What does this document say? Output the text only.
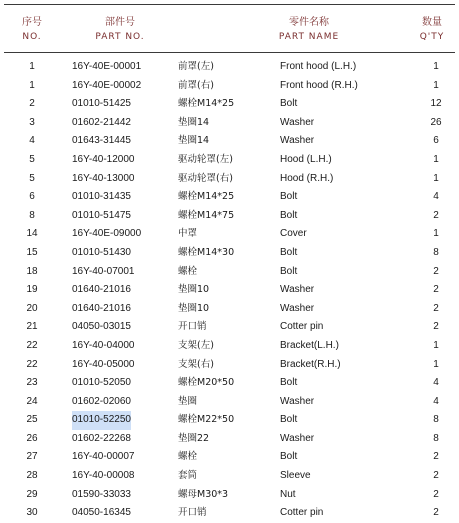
序号
NO.
部件号
PART NO.
零件名称
PART NAME
数量
Q'TY
1	16Y-40E-00001	前罩(左)	Front hood (L.H.)	1
1	16Y-40E-00002	前罩(右)	Front hood (R.H.)	1
2	01010-51425	螺栓M14*25	Bolt	12
3	01602-21442	垫圈14	Washer	26
4	01643-31445	垫圈14	Washer	6
5	16Y-40-12000	驱动轮罩(左)	Hood (L.H.)	1
5	16Y-40-13000	驱动轮罩(右)	Hood (R.H.)	1
6	01010-31435	螺栓M14*25	Bolt	4
8	01010-51475	螺栓M14*75	Bolt	2
14	16Y-40E-09000	中罩	Cover	1
15	01010-51430	螺栓M14*30	Bolt	8
18	16Y-40-07001	螺栓	Bolt	2
19	01640-21016	垫圈10	Washer	2
20	01640-21016	垫圈10	Washer	2
21	04050-03015	开口销	Cotter pin	2
22	16Y-40-04000	支架(左)	Bracket(L.H.)	1
22	16Y-40-05000	支架(右)	Bracket(R.H.)	1
23	01010-52050	螺栓M20*50	Bolt	4
24	01602-02060	垫圈	Washer	4
25	01010-52250	螺栓M22*50	Bolt	8
26	01602-22268	垫圈22	Washer	8
27	16Y-40-00007	螺栓	Bolt	2
28	16Y-40-00008	套筒	Sleeve	2
29	01590-33033	螺母M30*3	Nut	2
30	04050-16345	开口销	Cotter pin	2
